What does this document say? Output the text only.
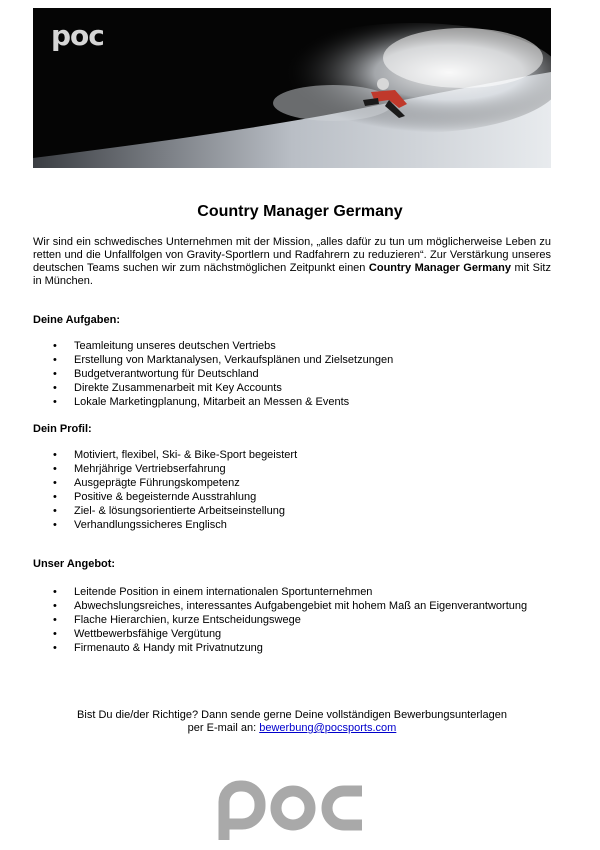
poc
Country Manager Germany
Wir sind ein schwedisches Unternehmen mit der Mission, „alles dafür zu tun um möglicherweise Leben zu retten und die Unfallfolgen von Gravity-Sportlern und Radfahrern zu reduzieren“. Zur Verstärkung unseres deutschen Teams suchen wir zum nächstmöglichen Zeitpunkt einen Country Manager Germany mit Sitz in München.
Deine Aufgaben:
• Teamleitung unseres deutschen Vertriebs
• Erstellung von Marktanalysen, Verkaufsplänen und Zielsetzungen
• Budgetverantwortung für Deutschland
• Direkte Zusammenarbeit mit Key Accounts
• Lokale Marketingplanung, Mitarbeit an Messen & Events
Dein Profil:
• Motiviert, flexibel, Ski- & Bike-Sport begeistert
• Mehrjährige Vertriebserfahrung
• Ausgeprägte Führungskompetenz
• Positive & begeisternde Ausstrahlung
• Ziel- & lösungsorientierte Arbeitseinstellung
• Verhandlungssicheres Englisch
Unser Angebot:
• Leitende Position in einem internationalen Sportunternehmen
• Abwechslungsreiches, interessantes Aufgabengebiet mit hohem Maß an Eigenverantwortung
• Flache Hierarchien, kurze Entscheidungswege
• Wettbewerbsfähige Vergütung
• Firmenauto & Handy mit Privatnutzung
Bist Du die/der Richtige? Dann sende gerne Deine vollständigen Bewerbungsunterlagen
per E-mail an: bewerbung@pocsports.com
